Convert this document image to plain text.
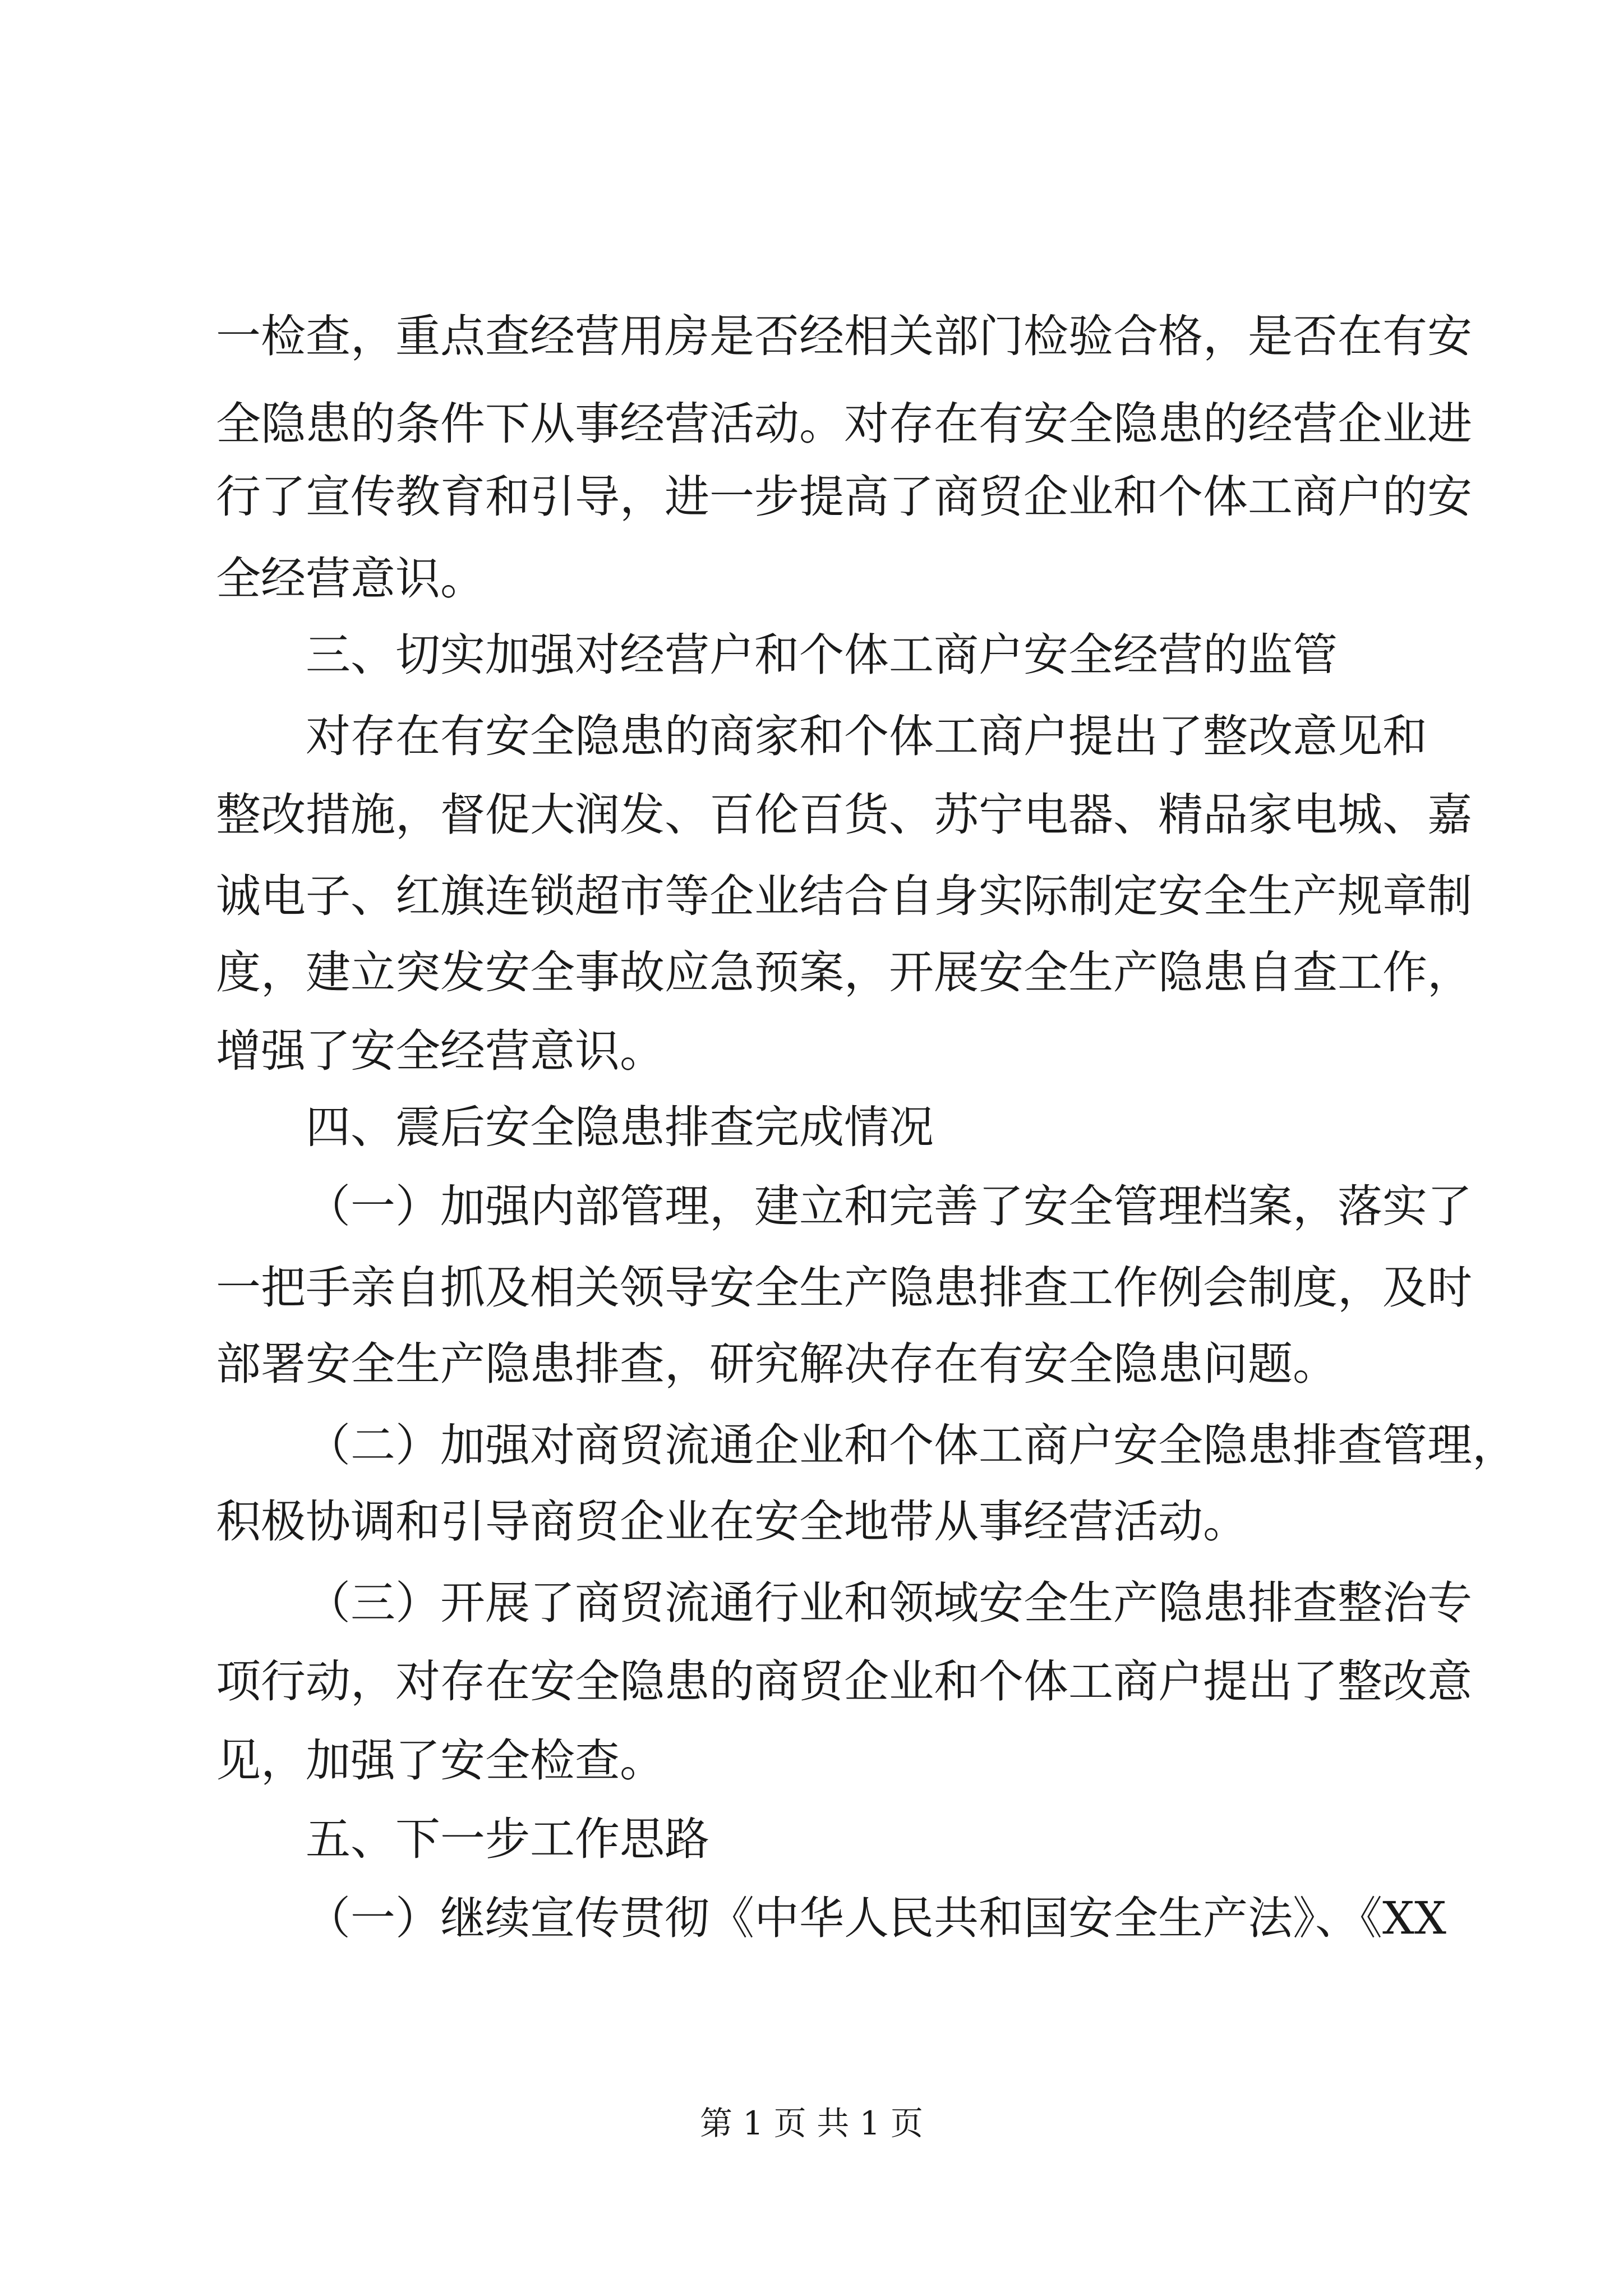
一检查，重点查经营用房是否经相关部门检验合格，是否在有安

全隐患的条件下从事经营活动。对存在有安全隐患的经营企业进

行了宣传教育和引导，进一步提高了商贸企业和个体工商户的安

全经营意识。

三、切实加强对经营户和个体工商户安全经营的监管

对存在有安全隐患的商家和个体工商户提出了整改意见和

整改措施，督促大润发、百伦百货、苏宁电器、精品家电城、嘉

诚电子、红旗连锁超市等企业结合自身实际制定安全生产规章制

度，建立突发安全事故应急预案，开展安全生产隐患自查工作，

增强了安全经营意识。

四、震后安全隐患排查完成情况

（一）加强内部管理，建立和完善了安全管理档案，落实了

一把手亲自抓及相关领导安全生产隐患排查工作例会制度，及时

部署安全生产隐患排查，研究解决存在有安全隐患问题。

（二）加强对商贸流通企业和个体工商户安全隐患排查管理，

积极协调和引导商贸企业在安全地带从事经营活动。

（三）开展了商贸流通行业和领域安全生产隐患排查整治专

项行动，对存在安全隐患的商贸企业和个体工商户提出了整改意

见，加强了安全检查。

五、下一步工作思路

（一）继续宣传贯彻《中华人民共和国安全生产法》、《XX

第 1 页 共 1 页
